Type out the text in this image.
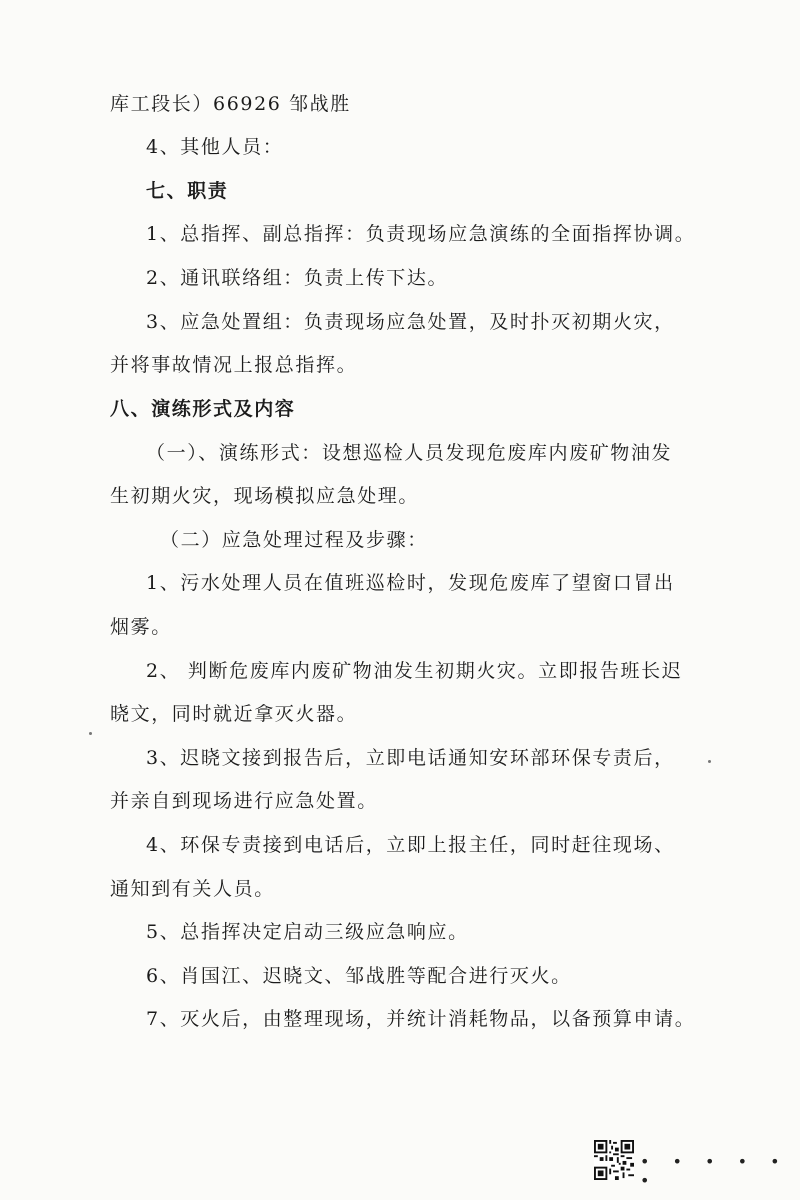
库工段长）66926 邹战胜
4、其他人员：
七、职责
1、总指挥、副总指挥：负责现场应急演练的全面指挥协调。
2、通讯联络组：负责上传下达。
3、应急处置组：负责现场应急处置，及时扑灭初期火灾，
并将事故情况上报总指挥。
八、演练形式及内容
（一）、演练形式：设想巡检人员发现危废库内废矿物油发
生初期火灾，现场模拟应急处理。
（二）应急处理过程及步骤：
1、污水处理人员在值班巡检时，发现危废库了望窗口冒出
烟雾。
2、 判断危废库内废矿物油发生初期火灾。立即报告班长迟
晓文，同时就近拿灭火器。
3、迟晓文接到报告后，立即电话通知安环部环保专责后，
并亲自到现场进行应急处置。
4、环保专责接到电话后，立即上报主任，同时赶往现场、
通知到有关人员。
5、总指挥决定启动三级应急响应。
6、肖国江、迟晓文、邹战胜等配合进行灭火。
7、灭火后，由整理现场，并统计消耗物品，以备预算申请。
• • • • • •
